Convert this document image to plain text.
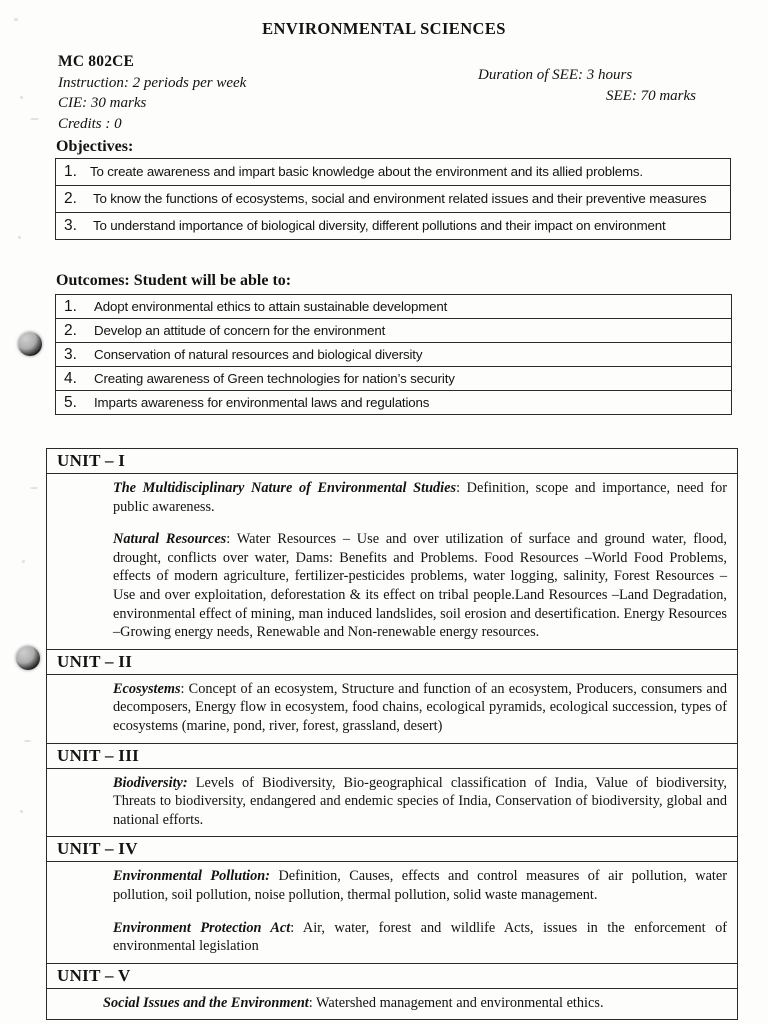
ENVIRONMENTAL SCIENCES
MC 802CE
Instruction: 2 periods per week
CIE: 30 marks
Credits : 0
Duration of SEE: 3 hours
SEE: 70 marks
Objectives:
1. To create awareness and impart basic knowledge about the environment and its allied problems.
2.	To know the functions of ecosystems, social and environment related issues and their preventive measures
3.	To understand importance of biological diversity, different pollutions and their impact on environment
Outcomes: Student will be able to:
1.	Adopt environmental ethics to attain sustainable development
2.	Develop an attitude of concern for the environment
3.	Conservation of natural resources and biological diversity
4.	Creating awareness of Green technologies for nation’s security
5.	Imparts awareness for environmental laws and regulations
UNIT – I

The Multidisciplinary Nature of Environmental Studies: Definition, scope and importance, need for public awareness.

Natural Resources: Water Resources – Use and over utilization of surface and ground water, flood, drought, conflicts over water, Dams: Benefits and Problems. Food Resources –World Food Problems, effects of modern agriculture, fertilizer-pesticides problems, water logging, salinity, Forest Resources – Use and over exploitation, deforestation & its effect on tribal people.Land Resources –Land Degradation, environmental effect of mining, man induced landslides, soil erosion and desertification. Energy Resources –Growing energy needs, Renewable and Non-renewable energy resources.

UNIT – II

Ecosystems: Concept of an ecosystem, Structure and function of an ecosystem, Producers, consumers and decomposers, Energy flow in ecosystem, food chains, ecological pyramids, ecological succession, types of ecosystems (marine, pond, river, forest, grassland, desert)

UNIT – III

Biodiversity: Levels of Biodiversity, Bio-geographical classification of India, Value of biodiversity, Threats to biodiversity, endangered and endemic species of India, Conservation of biodiversity, global and national efforts.

UNIT – IV

Environmental Pollution: Definition, Causes, effects and control measures of air pollution, water pollution, soil pollution, noise pollution, thermal pollution, solid waste management.

Environment Protection Act: Air, water, forest and wildlife Acts, issues in the enforcement of environmental legislation

UNIT – V

Social Issues and the Environment: Watershed management and environmental ethics.
